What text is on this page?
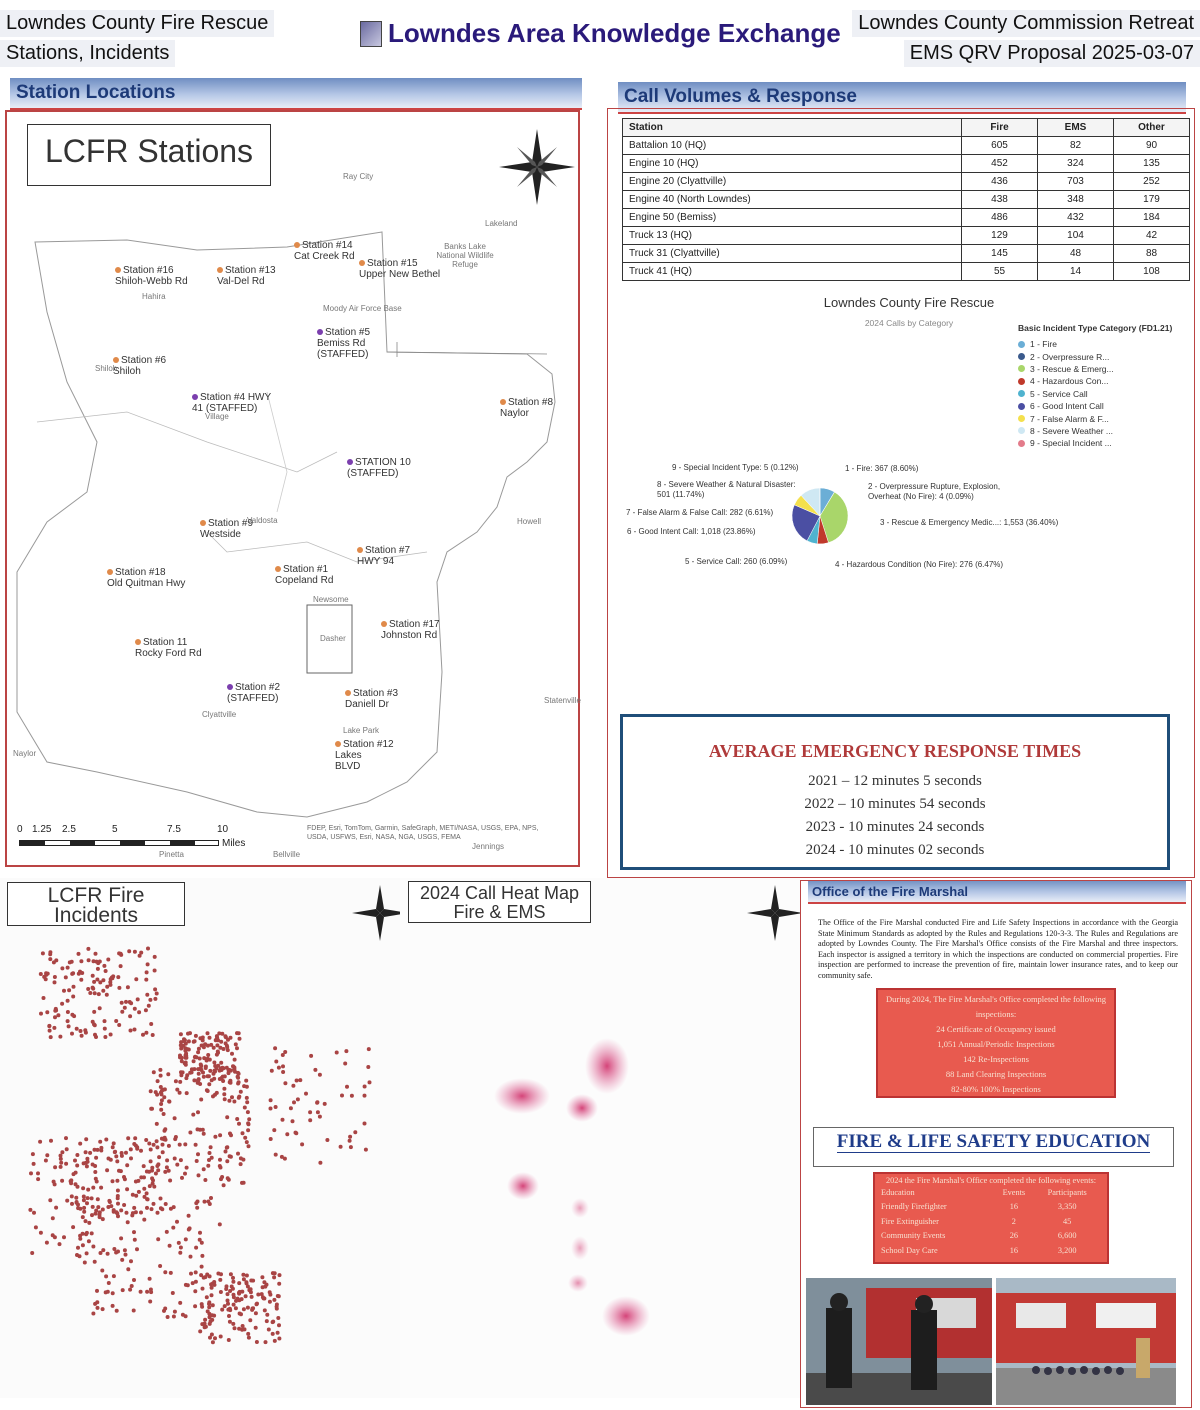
Lowndes County Fire Rescue
Stations, Incidents
Lowndes Area Knowledge Exchange Lowndes County Commission Retreat
EMS QRV Proposal 2025-03-07
Station Locations
LCFR Stations
Station #14
Cat Creek Rd
Station #15
Upper New Bethel
Station #16
Shiloh-Webb Rd
Station #13
Val-Del Rd
Station #5
Bemiss Rd
(STAFFED)
Station #6
Shiloh
Station #4 HWY
41 (STAFFED)
Station #8
Naylor
STATION 10
(STAFFED)
Station #9
Westside
Station #7
HWY 94
Station #18
Old Quitman Hwy
Station #1
Copeland Rd
Station #17
Johnston Rd
Station 11
Rocky Ford Rd
Station #2
(STAFFED)	Station #3
Daniell Dr
Station #12
Lakes
BLVD
Ray City
Lakeland
Banks Lake National Wildlife Refuge
Hahira
Moody Air Force Base
Valdosta	Howell
Newsome
Dasher
Lake Park
Clyattville
Statenville
Naylor
Pinetta	Bellville
Jennings
Village
Shiloh
0 1.25 2.5	5	7.5	10
Miles
FDEP, Esri, TomTom, Garmin, SafeGraph, METI/NASA, USGS, EPA, NPS, USDA, USFWS, Esri, NASA, NGA, USGS, FEMA
Call Volumes & Response
Station	Fire	EMS	Other
Battalion 10 (HQ)	605	82	90
Engine 10 (HQ)	452	324	135
Engine 20 (Clyattville)	436	703	252
Engine 40 (North Lowndes)	438	348	179
Engine 50 (Bemiss)	486	432	184
Truck 13 (HQ)	129	104	42
Truck 31 (Clyattville)	145	48	88
Truck 41 (HQ)	55	14	108
Lowndes County Fire Rescue
2024 Calls by Category	Basic Incident Type Category (FD1.21)
1 - Fire
2 - Overpressure R...
3 - Rescue & Emerg...
4 - Hazardous Con...
5 - Service Call
6 - Good Intent Call
7 - False Alarm & F...
8 - Severe Weather ...
9 - Special Incident ...
1 - Fire: 367 (8.60%)
2 - Overpressure Rupture, Explosion, Overheat (No Fire): 4 (0.09%)
3 - Rescue & Emergency Medic...: 1,553 (36.40%)
4 - Hazardous Condition (No Fire): 276 (6.47%)
5 - Service Call: 260 (6.09%)
6 - Good Intent Call: 1,018 (23.86%)
7 - False Alarm & False Call: 282 (6.61%)
8 - Severe Weather & Natural Disaster: 501 (11.74%)
9 - Special Incident Type: 5 (0.12%)
AVERAGE EMERGENCY RESPONSE TIMES
2021 – 12 minutes 5 seconds
2022 – 10 minutes 54 seconds
2023 - 10 minutes 24 seconds
2024 - 10 minutes 02 seconds
LCFR Fire
Incidents
2024 Call Heat Map
Fire & EMS
Office of the Fire Marshal
The Office of the Fire Marshal conducted Fire and Life Safety Inspections in accordance with the Georgia State Minimum Standards as adopted by the Rules and Regulations 120-3-3. The Rules and Regulations are adopted by Lowndes County. The Fire Marshal's Office consists of the Fire Marshal and three inspectors. Each inspector is assigned a territory in which the inspections are conducted on commercial properties. Fire inspection are performed to increase the prevention of fire, maintain lower insurance rates, and to keep our community safe.
During 2024, The Fire Marshal's Office completed the following inspections:
24 Certificate of Occupancy issued
1,051 Annual/Periodic Inspections
142 Re-Inspections
88 Land Clearing Inspections
82-80% 100% Inspections
FIRE & LIFE SAFETY EDUCATION
2024 the Fire Marshal's Office completed the following events:
Education	Events	Participants
Friendly Firefighter	16	3,350
Fire Extinguisher	2	45
Community Events	26	6,600
School Day Care	16	3,200
